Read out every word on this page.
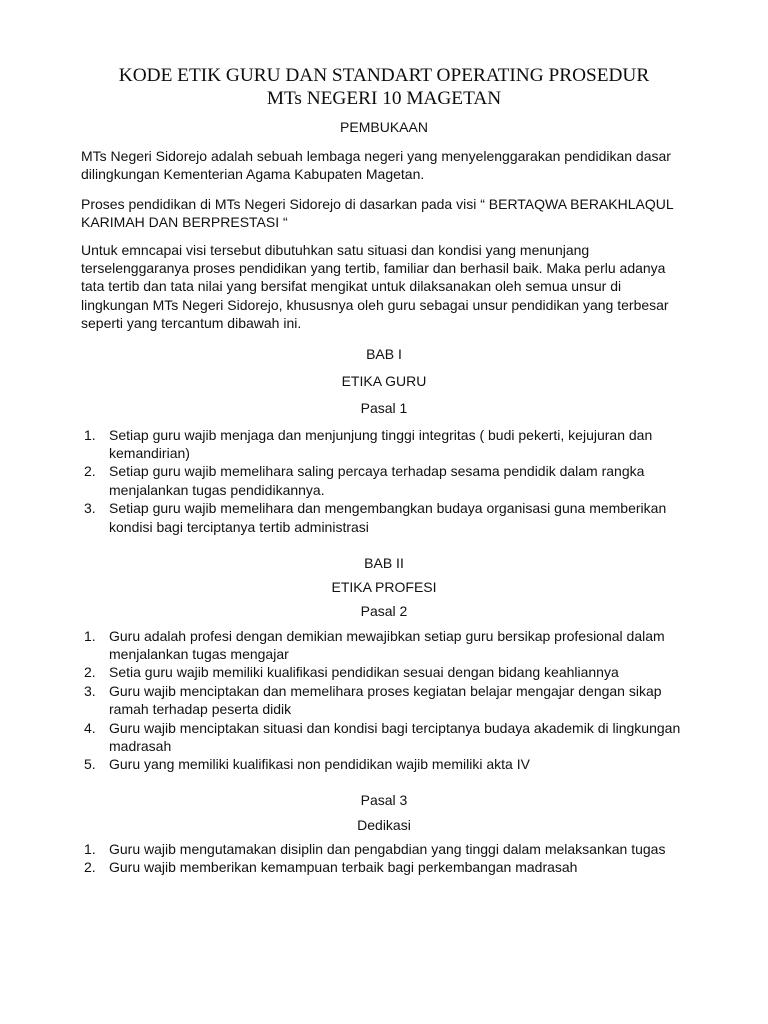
KODE ETIK GURU DAN STANDART OPERATING PROSEDUR
MTs NEGERI 10 MAGETAN
PEMBUKAAN
MTs Negeri Sidorejo adalah sebuah lembaga negeri yang menyelenggarakan pendidikan dasar
dilingkungan Kementerian Agama Kabupaten Magetan.
Proses pendidikan di MTs Negeri Sidorejo di dasarkan pada visi “ BERTAQWA BERAKHLAQUL
KARIMAH DAN BERPRESTASI “
Untuk emncapai visi tersebut dibutuhkan satu situasi dan kondisi yang menunjang
terselenggaranya proses pendidikan yang tertib, familiar dan berhasil baik. Maka perlu adanya
tata tertib dan tata nilai yang bersifat mengikat untuk dilaksanakan oleh semua unsur di
lingkungan MTs Negeri Sidorejo, khususnya oleh guru sebagai unsur pendidikan yang terbesar
seperti yang tercantum dibawah ini.
BAB I
ETIKA GURU
Pasal 1
1. Setiap guru wajib menjaga dan menjunjung tinggi integritas ( budi pekerti, kejujuran dan
kemandirian)
2. Setiap guru wajib memelihara saling percaya terhadap sesama pendidik dalam rangka
menjalankan tugas pendidikannya.
3. Setiap guru wajib memelihara dan mengembangkan budaya organisasi guna memberikan
kondisi bagi terciptanya tertib administrasi
BAB II
ETIKA PROFESI
Pasal 2
1. Guru adalah profesi dengan demikian mewajibkan setiap guru bersikap profesional dalam
menjalankan tugas mengajar
2. Setia guru wajib memiliki kualifikasi pendidikan sesuai dengan bidang keahliannya
3. Guru wajib menciptakan dan memelihara proses kegiatan belajar mengajar dengan sikap
ramah terhadap peserta didik
4. Guru wajib menciptakan situasi dan kondisi bagi terciptanya budaya akademik di lingkungan
madrasah
5. Guru yang memiliki kualifikasi non pendidikan wajib memiliki akta IV
Pasal 3
Dedikasi
1. Guru wajib mengutamakan disiplin dan pengabdian yang tinggi dalam melaksankan tugas
2. Guru wajib memberikan kemampuan terbaik bagi perkembangan madrasah
